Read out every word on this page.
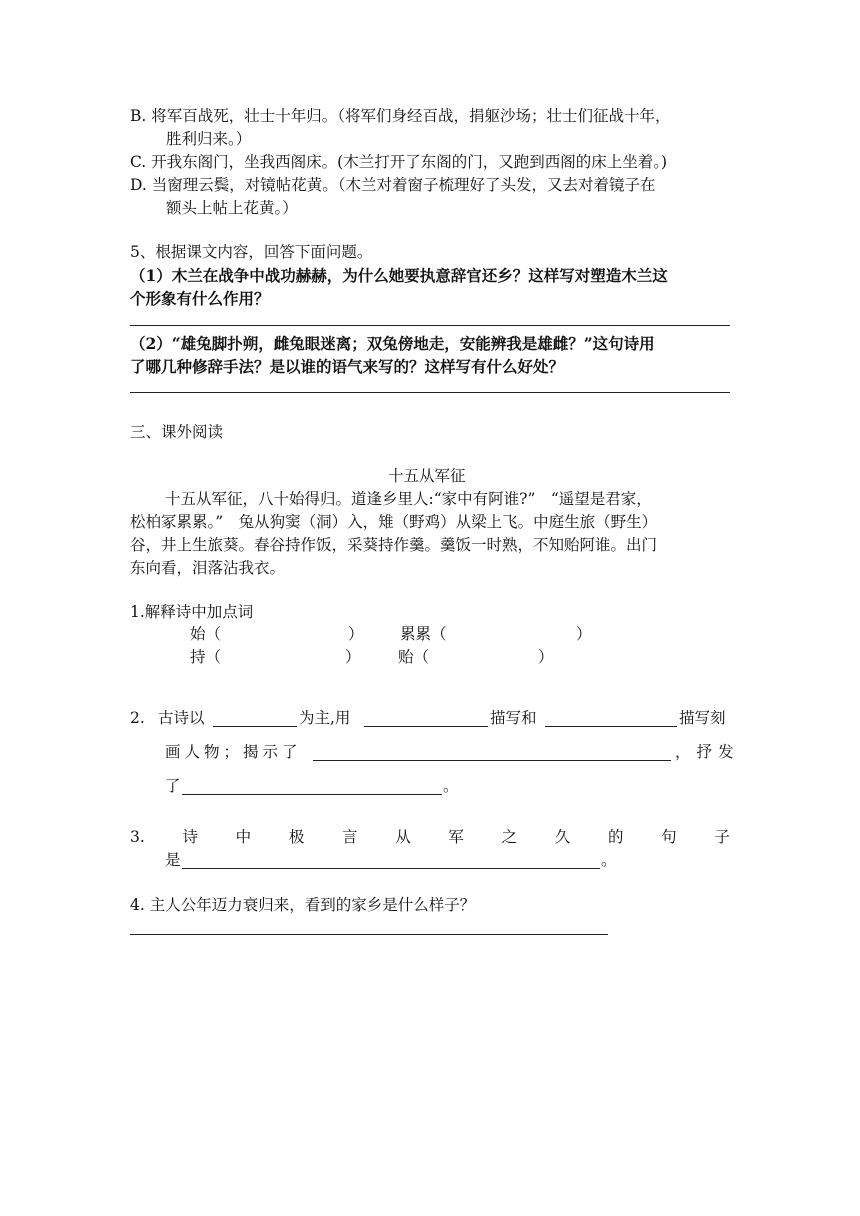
B. 将军百战死，壮士十年归。（将军们身经百战，捐躯沙场；壮士们征战十年，
胜利归来。）
C. 开我东阁门，坐我西阁床。(木兰打开了东阁的门，又跑到西阁的床上坐着。)
D. 当窗理云鬓，对镜帖花黄。（木兰对着窗子梳理好了头发，又去对着镜子在
额头上帖上花黄。）
5、根据课文内容，回答下面问题。
（1）木兰在战争中战功赫赫，为什么她要执意辞官还乡？这样写对塑造木兰这
个形象有什么作用？
（2）“雄兔脚扑朔，雌兔眼迷离；双兔傍地走，安能辨我是雄雌？”这句诗用
了哪几种修辞手法？是以谁的语气来写的？这样写有什么好处？
三、课外阅读
十五从军征
十五从军征，八十始得归。道逢乡里人:“家中有阿谁?”　“遥望是君家，
松柏冢累累。”　兔从狗窦（洞）入，雉（野鸡）从梁上飞。中庭生旅（野生）
谷，井上生旅葵。春谷持作饭，采葵持作羹。羹饭一时熟，不知贻阿谁。出门
东向看，泪落沾我衣。
1.解释诗中加点词
始（	） 累累（	）
持（	） 贻（	）
2. 古诗以	为主,用	描写和	描写刻
画人物；揭示了	，抒发
了	。
3. 诗 中 极 言 从 军 之 久 的 句 子
是	。
4. 主人公年迈力衰归来，看到的家乡是什么样子？
